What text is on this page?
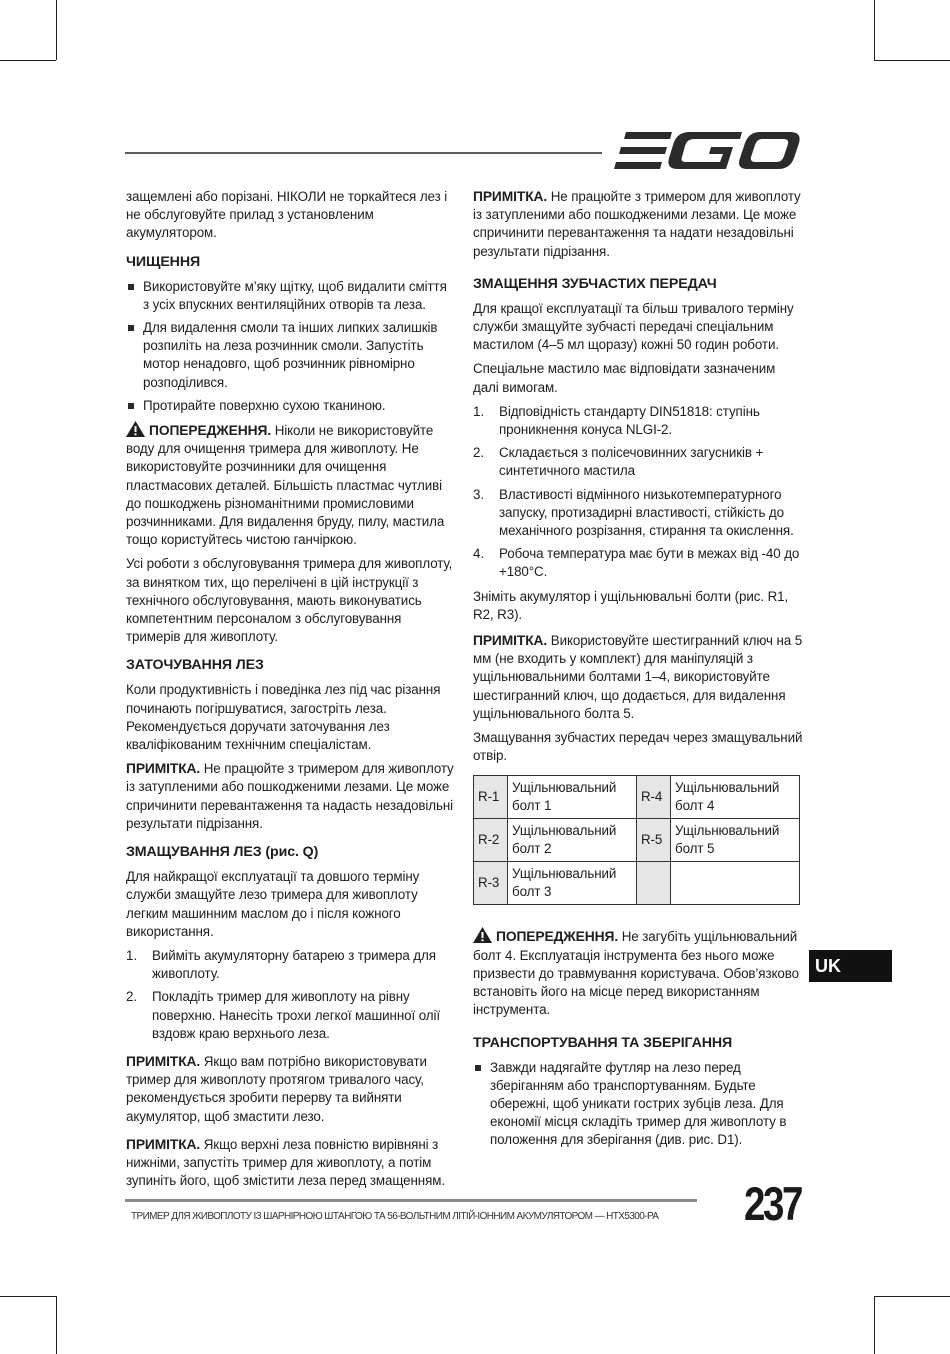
защемлені або порізані. НІКОЛИ не торкайтеся лез і не обслуговуйте прилад з установленим акумулятором.

ЧИЩЕННЯ
Використовуйте м’яку щітку, щоб видалити сміття з усіх впускних вентиляційних отворів та леза.
Для видалення смоли та інших липких залишків розпиліть на леза розчинник смоли. Запустіть мотор ненадовго, щоб розчинник рівномірно розподілився.
Протирайте поверхню сухою тканиною.

ПОПЕРЕДЖЕННЯ. Ніколи не використовуйте воду для очищення тримера для живоплоту. Не використовуйте розчинники для очищення пластмасових деталей. Більшість пластмас чутливі до пошкоджень різноманітними промисловими розчинниками. Для видалення бруду, пилу, мастила тощо користуйтесь чистою ганчіркою.

Усі роботи з обслуговування тримера для живоплоту, за винятком тих, що перелічені в цій інструкції з технічного обслуговування, мають виконуватись компетентним персоналом з обслуговування тримерів для живоплоту.

ЗАТОЧУВАННЯ ЛЕЗ

Коли продуктивність і поведінка лез під час різання починають погіршуватися, загостріть леза. Рекомендується доручати заточування лез кваліфікованим технічним спеціалістам.

ПРИМІТКА. Не працюйте з тримером для живоплоту із затупленими або пошкодженими лезами. Це може спричинити перевантаження та надасть незадовільні результати підрізання.

ЗМАЩУВАННЯ ЛЕЗ (рис. Q)

Для найкращої експлуатації та довшого терміну служби змащуйте лезо тримера для живоплоту легким машинним маслом до і після кожного використання.

1. Вийміть акумуляторну батарею з тримера для живоплоту.
2. Покладіть тример для живоплоту на рівну поверхню. Нанесіть трохи легкої машинної олії вздовж краю верхнього леза.

ПРИМІТКА. Якщо вам потрібно використовувати тример для живоплоту протягом тривалого часу, рекомендується зробити перерву та вийняти акумулятор, щоб змастити лезо.

ПРИМІТКА. Якщо верхні леза повністю вирівняні з нижніми, запустіть тример для живоплоту, а потім зупиніть його, щоб змістити леза перед змащенням.

ПРИМІТКА. Не працюйте з тримером для живоплоту із затупленими або пошкодженими лезами. Це може спричинити перевантаження та надати незадовільні результати підрізання.

ЗМАЩЕННЯ ЗУБЧАСТИХ ПЕРЕДАЧ

Для кращої експлуатації та більш тривалого терміну служби змащуйте зубчасті передачі спеціальним мастилом (4–5 мл щоразу) кожні 50 годин роботи.

Спеціальне мастило має відповідати зазначеним далі вимогам.

1. Відповідність стандарту DIN51818: ступінь проникнення конуса NLGI-2.
2. Складається з полісечовинних загусників + синтетичного мастила
3. Властивості відмінного низькотемпературного запуску, протизадирні властивості, стійкість до механічного розрізання, стирання та окислення.
4. Робоча температура має бути в межах від -40 до +180°C.

Зніміть акумулятор і ущільнювальні болти (рис. R1, R2, R3).

ПРИМІТКА. Використовуйте шестигранний ключ на 5 мм (не входить у комплект) для маніпуляцій з ущільнювальними болтами 1–4, використовуйте шестигранний ключ, що додається, для видалення ущільнювального болта 5.

Змащування зубчастих передач через змащувальний отвір.

R-1	Ущільнювальний болт 1	R-4	Ущільнювальний болт 4
R-2	Ущільнювальний болт 2	R-5	Ущільнювальний болт 5
R-3	Ущільнювальний болт 3		

ПОПЕРЕДЖЕННЯ. Не загубіть ущільнювальний болт 4. Експлуатація інструмента без нього може призвести до травмування користувача. Обов’язково встановіть його на місце перед використанням інструмента.

ТРАНСПОРТУВАННЯ ТА ЗБЕРІГАННЯ
Завжди надягайте футляр на лезо перед зберіганням або транспортуванням. Будьте обережні, щоб уникати гострих зубців леза. Для економії місця складіть тример для живоплоту в положення для зберігання (див. рис. D1).
UK
ТРИМЕР ДЛЯ ЖИВОПЛОТУ ІЗ ШАРНІРНОЮ ШТАНГОЮ ТА 56-ВОЛЬТНИМ ЛІТІЙ-ІОННИМ АКУМУЛЯТОРОМ — HTX5300-PA	237
